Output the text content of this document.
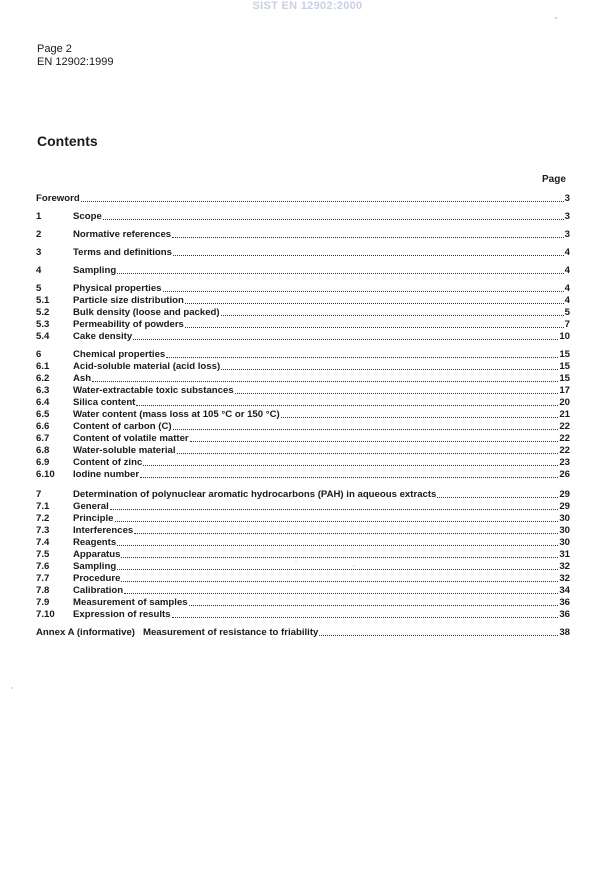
SIST EN 12902:2000
Page 2
EN 12902:1999
Contents
Page
Foreword	3
1	Scope	3
2	Normative references	3
3	Terms and definitions	4
4	Sampling	4
5	Physical properties	4
5.1	Particle size distribution	4
5.2	Bulk density (loose and packed)	5
5.3	Permeability of powders	7
5.4	Cake density	10
6	Chemical properties	15
6.1	Acid-soluble material (acid loss)	15
6.2	Ash	15
6.3	Water-extractable toxic substances	17
6.4	Silica content	20
6.5	Water content (mass loss at 105 °C or 150 °C)	21
6.6	Content of carbon (C)	22
6.7	Content of volatile matter	22
6.8	Water-soluble material	22
6.9	Content of zinc	23
6.10	Iodine number	26
7	Determination of polynuclear aromatic hydrocarbons (PAH) in aqueous extracts	29
7.1	General	29
7.2	Principle	30
7.3	Interferences	30
7.4	Reagents	30
7.5	Apparatus	31
7.6	Sampling	32
7.7	Procedure	32
7.8	Calibration	34
7.9	Measurement of samples	36
7.10	Expression of results	36
Annex A (informative)   Measurement of resistance to friability	38
